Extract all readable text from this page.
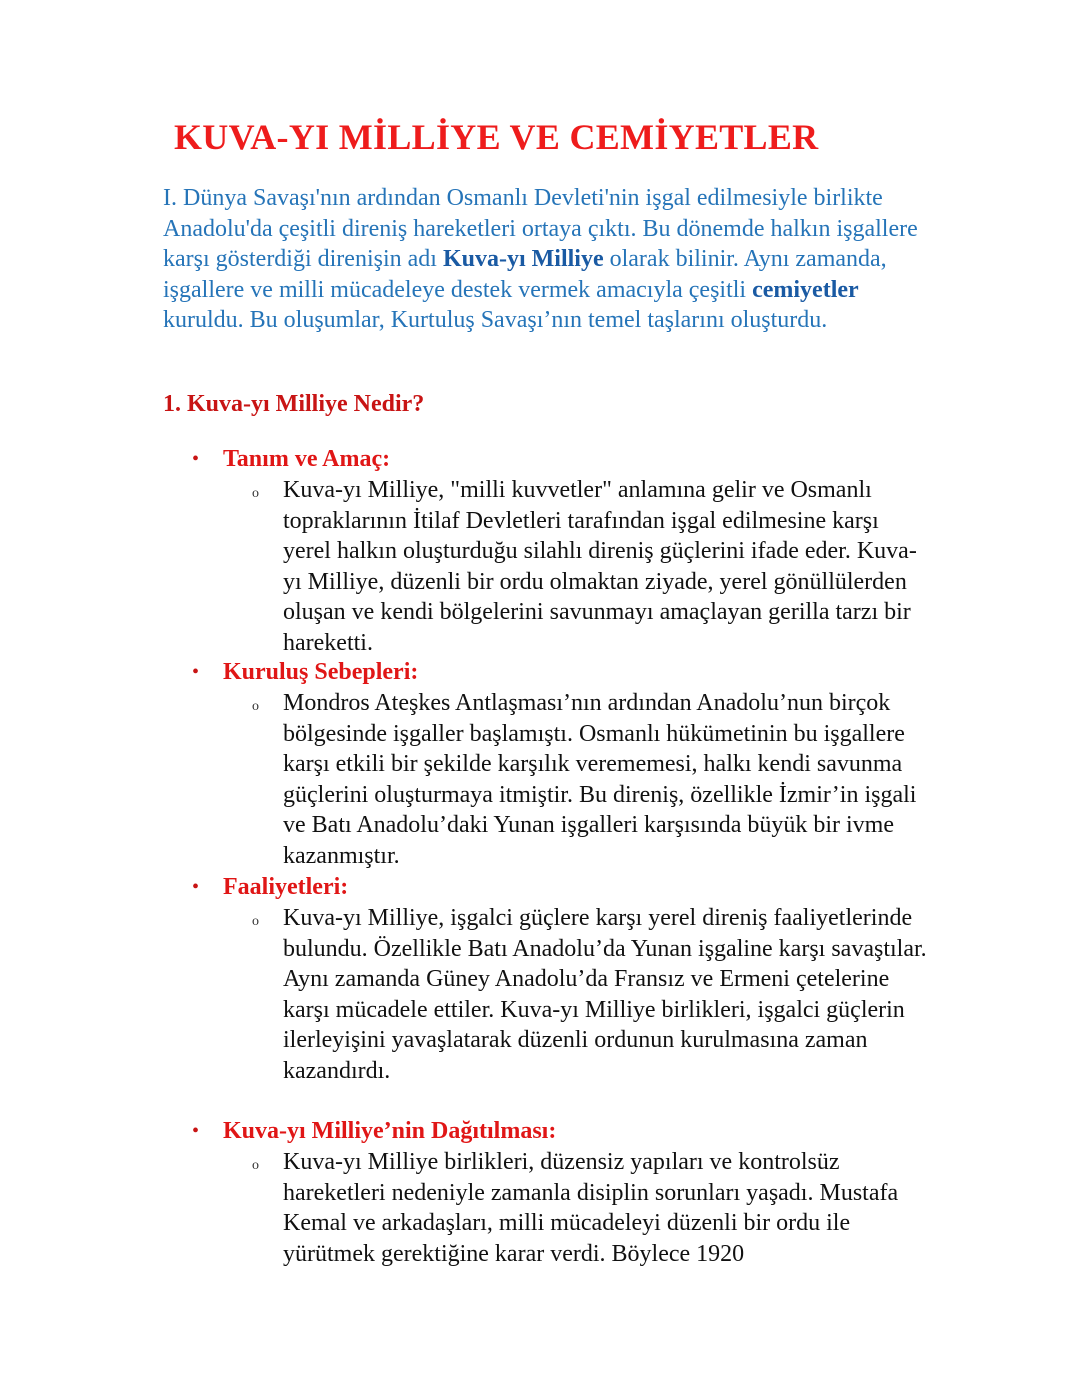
KUVA-YI MİLLİYE VE CEMİYETLER

I. Dünya Savaşı'nın ardından Osmanlı Devleti'nin işgal edilmesiyle birlikte Anadolu'da çeşitli direniş hareketleri ortaya çıktı. Bu dönemde halkın işgallere karşı gösterdiği direnişin adı Kuva-yı Milliye olarak bilinir. Aynı zamanda, işgallere ve milli mücadeleye destek vermek amacıyla çeşitli cemiyetler kuruldu. Bu oluşumlar, Kurtuluş Savaşı’nın temel taşlarını oluşturdu.

1. Kuva-yı Milliye Nedir?
• Tanım ve Amaç:

o Kuva-yı Milliye, "milli kuvvetler" anlamına gelir ve Osmanlı topraklarının İtilaf Devletleri tarafından işgal edilmesine karşı yerel halkın oluşturduğu silahlı direniş güçlerini ifade eder. Kuva-yı Milliye, düzenli bir ordu olmaktan ziyade, yerel gönüllülerden oluşan ve kendi bölgelerini savunmayı amaçlayan gerilla tarzı bir hareketti.

• Kuruluş Sebepleri:

o Mondros Ateşkes Antlaşması’nın ardından Anadolu’nun birçok bölgesinde işgaller başlamıştı. Osmanlı hükümetinin bu işgallere karşı etkili bir şekilde karşılık verememesi, halkı kendi savunma güçlerini oluşturmaya itmiştir. Bu direniş, özellikle İzmir’in işgali ve Batı Anadolu’daki Yunan işgalleri karşısında büyük bir ivme kazanmıştır.

• Faaliyetleri:

o Kuva-yı Milliye, işgalci güçlere karşı yerel direniş faaliyetlerinde bulundu. Özellikle Batı Anadolu’da Yunan işgaline karşı savaştılar. Aynı zamanda Güney Anadolu’da Fransız ve Ermeni çetelerine karşı mücadele ettiler. Kuva-yı Milliye birlikleri, işgalci güçlerin ilerleyişini yavaşlatarak düzenli ordunun kurulmasına zaman kazandırdı.

• Kuva-yı Milliye’nin Dağıtılması:

o Kuva-yı Milliye birlikleri, düzensiz yapıları ve kontrolsüz hareketleri nedeniyle zamanla disiplin sorunları yaşadı. Mustafa Kemal ve arkadaşları, milli mücadeleyi düzenli bir ordu ile yürütmek gerektiğine karar verdi. Böylece 1920
